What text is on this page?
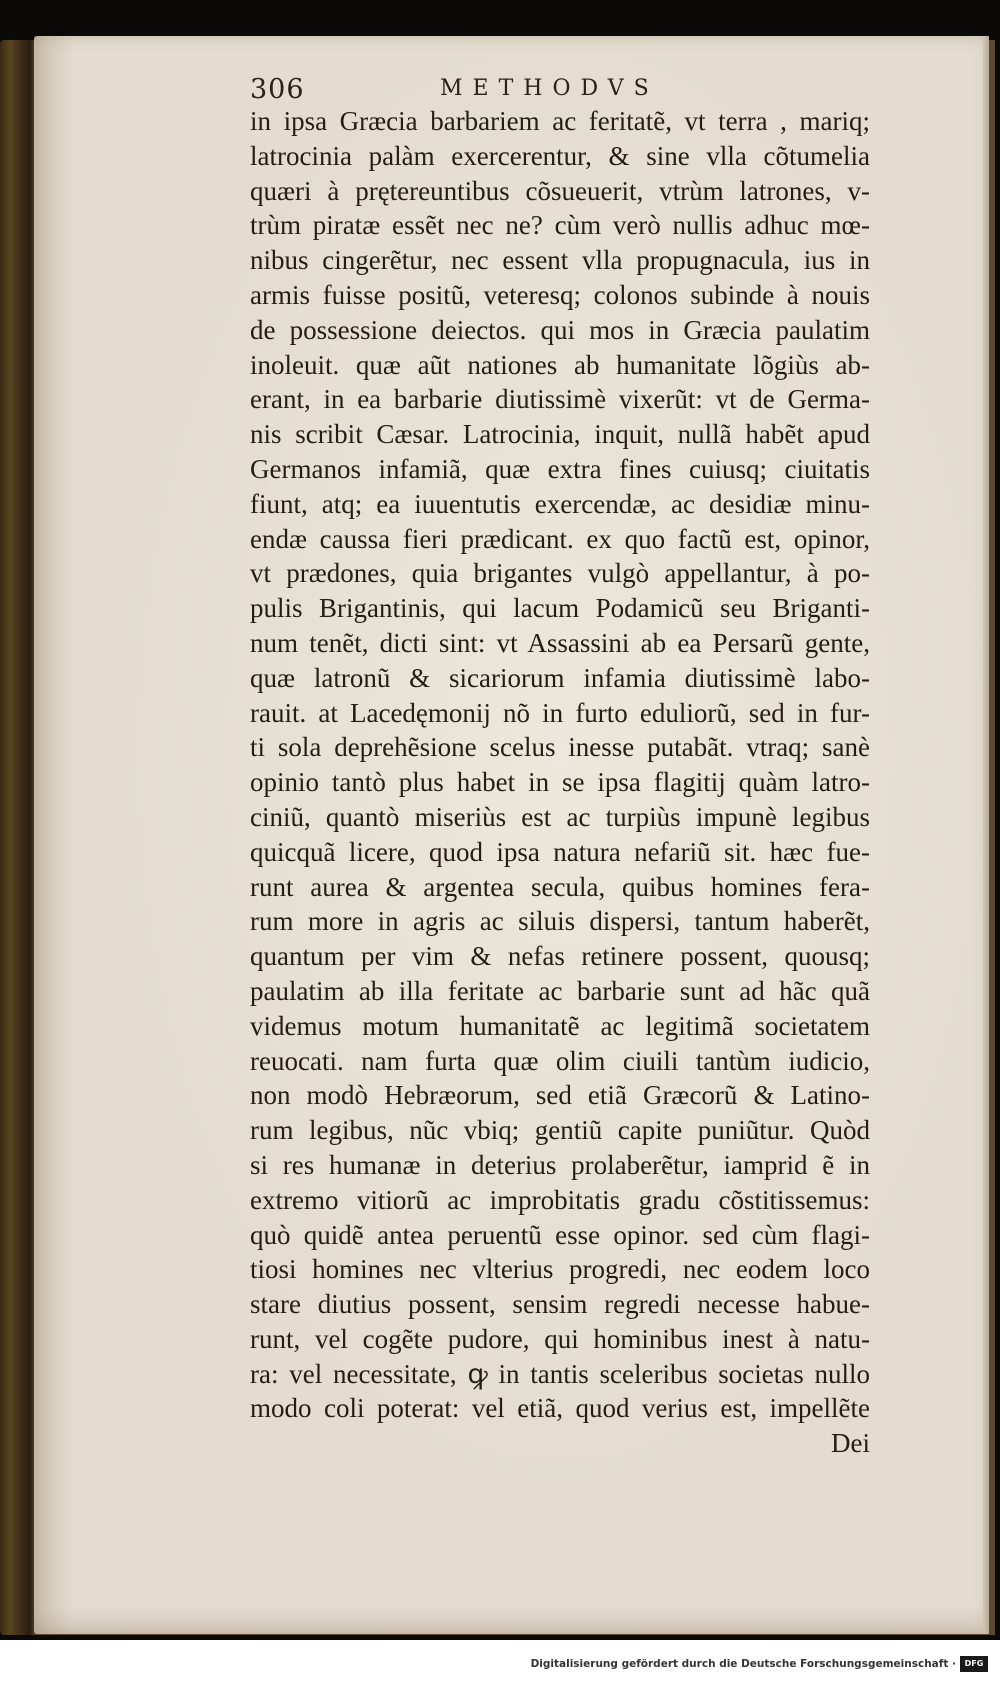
306	METHODVS
in ipsa Græcia barbariem ac feritatẽ, vt terra , mariq;
latrocinia palàm exercerentur, & sine vlla cõtumelia
quæri à prętereuntibus cõsueuerit, vtrùm latrones, v-
trùm piratæ essẽt nec ne? cùm verò nullis adhuc mœ-
nibus cingerẽtur, nec essent vlla propugnacula, ius in
armis fuisse positũ, veteresq; colonos subinde à nouis
de possessione deiectos. qui mos in Græcia paulatim
inoleuit. quæ aũt nationes ab humanitate lõgiùs ab-
erant, in ea barbarie diutissimè vixerũt: vt de Germa-
nis scribit Cæsar. Latrocinia, inquit, nullã habẽt apud
Germanos infamiã, quæ extra fines cuiusq; ciuitatis
fiunt, atq; ea iuuentutis exercendæ, ac desidiæ minu-
endæ caussa fieri prædicant. ex quo factũ est, opinor,
vt prædones, quia brigantes vulgò appellantur, à po-
pulis Brigantinis, qui lacum Podamicũ seu Briganti-
num tenẽt, dicti sint: vt Assassini ab ea Persarũ gente,
quæ latronũ & sicariorum infamia diutissimè labo-
rauit. at Lacedęmonij nõ in furto eduliorũ, sed in fur-
ti sola deprehẽsione scelus inesse putabãt. vtraq; sanè
opinio tantò plus habet in se ipsa flagitij quàm latro-
ciniũ, quantò miseriùs est ac turpiùs impunè legibus
quicquã licere, quod ipsa natura nefariũ sit. hæc fue-
runt aurea & argentea secula, quibus homines fera-
rum more in agris ac siluis dispersi, tantum haberẽt,
quantum per vim & nefas retinere possent, quousq;
paulatim ab illa feritate ac barbarie sunt ad hãc quã
videmus motum humanitatẽ ac legitimã societatem
reuocati. nam furta quæ olim ciuili tantùm iudicio,
non modò Hebræorum, sed etiã Græcorũ & Latino-
rum legibus, nũc vbiq; gentiũ capite puniũtur. Quòd
si res humanæ in deterius prolaberẽtur, iamprid ẽ in
extremo vitiorũ ac improbitatis gradu cõstitissemus:
quò quidẽ antea peruentũ esse opinor. sed cùm flagi-
tiosi homines nec vlterius progredi, nec eodem loco
stare diutius possent, sensim regredi necesse habue-
runt, vel cogẽte pudore, qui hominibus inest à natu-
ra: vel necessitate, ꝙ in tantis sceleribus societas nullo
modo coli poterat: vel etiã, quod verius est, impellẽte
Dei
Digitalisierung gefördert durch die Deutsche Forschungsgemeinschaft ·	DFG
